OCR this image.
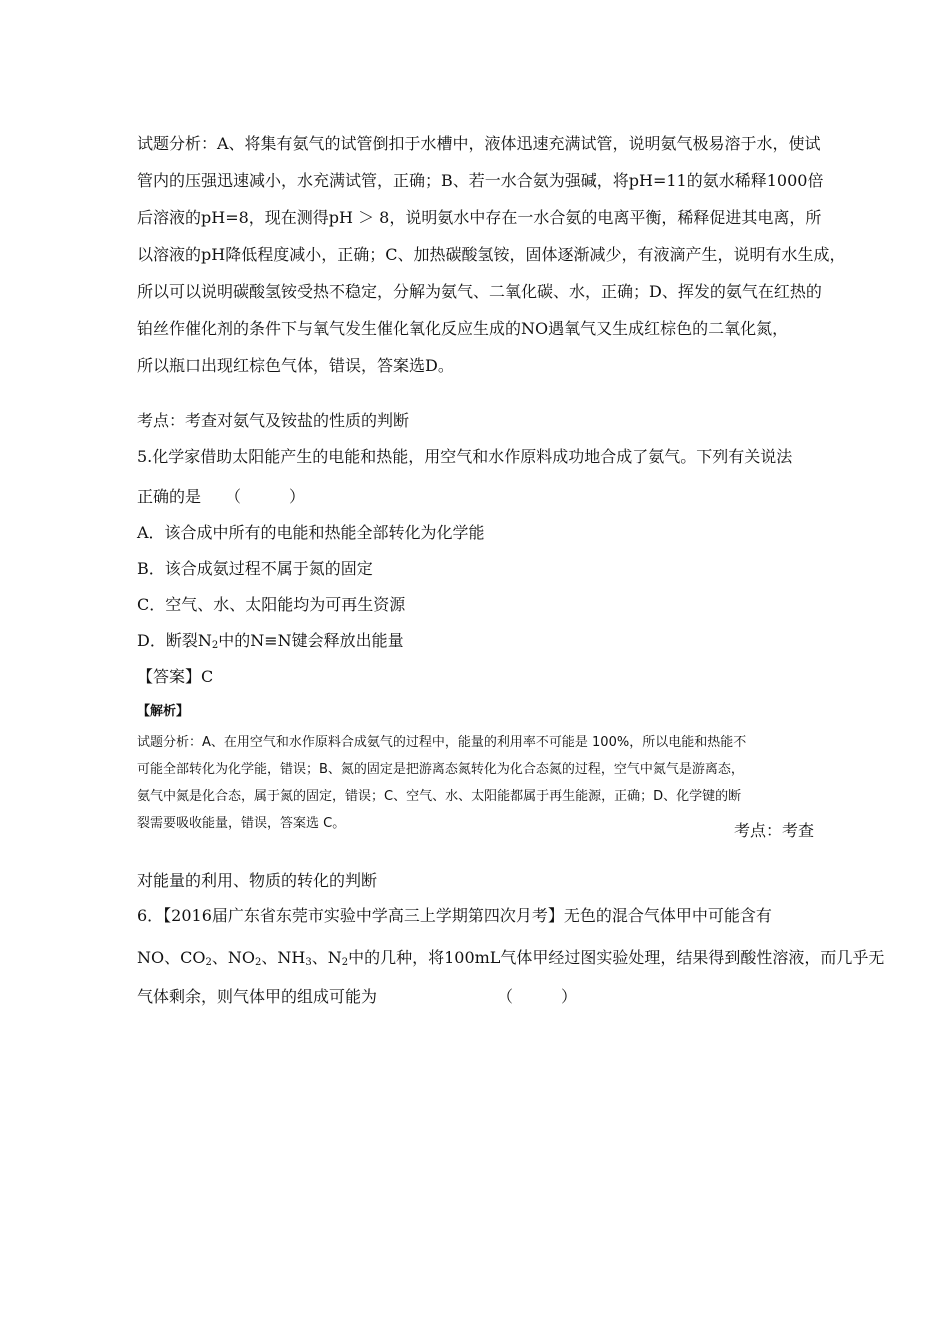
试题分析：A、将集有氨气的试管倒扣于水槽中，液体迅速充满试管，说明氨气极易溶于水，使试
管内的压强迅速减小，水充满试管，正确；B、若一水合氨为强碱，将pH=11的氨水稀释1000倍
后溶液的pH=8，现在测得pH ＞ 8，说明氨水中存在一水合氨的电离平衡，稀释促进其电离，所
以溶液的pH降低程度减小，正确；C、加热碳酸氢铵，固体逐渐减少，有液滴产生，说明有水生成，
所以可以说明碳酸氢铵受热不稳定，分解为氨气、二氧化碳、水，正确；D、挥发的氨气在红热的
铂丝作催化剂的条件下与氧气发生催化氧化反应生成的NO遇氧气又生成红棕色的二氧化氮，
所以瓶口出现红棕色气体，错误，答案选D。
考点：考查对氨气及铵盐的性质的判断
5.化学家借助太阳能产生的电能和热能，用空气和水作原料成功地合成了氨气。下列有关说法
正确的是　　（　　　）
A．该合成中所有的电能和热能全部转化为化学能
B．该合成氨过程不属于氮的固定
C．空气、水、太阳能均为可再生资源
D．断裂$N_2$中的N≡N键会释放出能量
【答案】C
【解析】
试题分析：A、在用空气和水作原料合成氨气的过程中，能量的利用率不可能是 100%，所以电能和热能不
可能全部转化为化学能，错误；B、氮的固定是把游离态氮转化为化合态氮的过程，空气中氮气是游离态，
氨气中氮是化合态，属于氮的固定，错误；C、空气、水、太阳能都属于再生能源，正确；D、化学键的断
裂需要吸收能量，错误，答案选 C。	考点：考查
对能量的利用、物质的转化的判断
6．【2016届广东省东莞市实验中学高三上学期第四次月考】无色的混合气体甲中可能含有
NO、$CO_2$、$NO_2$、$NH_3$、$N_2$中的几种，将100mL气体甲经过图实验处理，结果得到酸性溶液，而几乎无
气体剩余，则气体甲的组成可能为　　　　　　　　（　　　）
